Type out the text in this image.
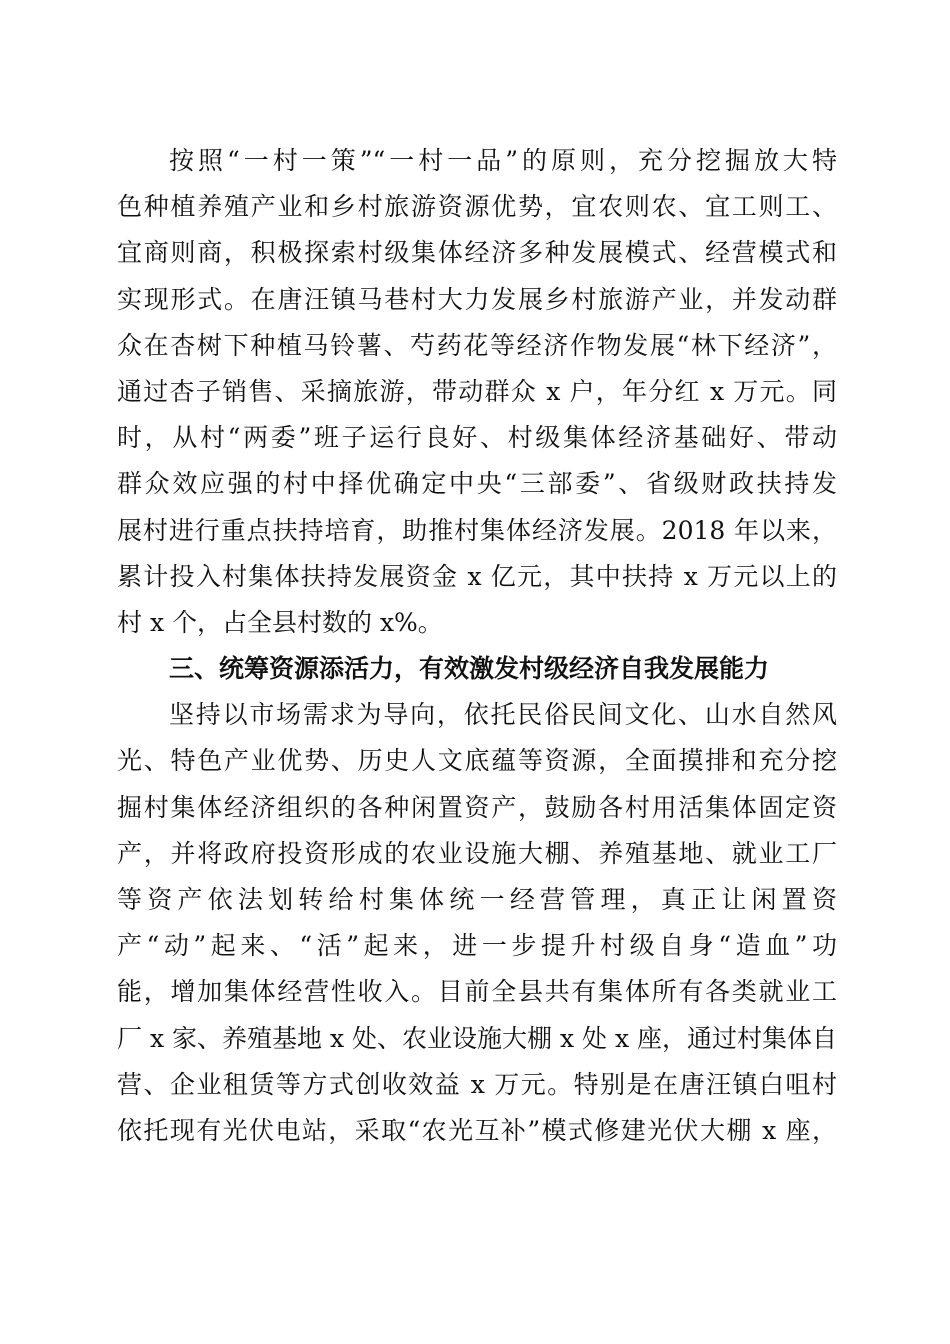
按照“一村一策”“一村一品”的原则，充分挖掘放大特
色种植养殖产业和乡村旅游资源优势，宜农则农、宜工则工、
宜商则商，积极探索村级集体经济多种发展模式、经营模式和
实现形式。在唐汪镇马巷村大力发展乡村旅游产业，并发动群
众在杏树下种植马铃薯、芍药花等经济作物发展“林下经济”，
通过杏子销售、采摘旅游，带动群众 x 户，年分红 x 万元。同
时，从村“两委”班子运行良好、村级集体经济基础好、带动
群众效应强的村中择优确定中央“三部委”、省级财政扶持发
展村进行重点扶持培育，助推村集体经济发展。2018 年以来，
累计投入村集体扶持发展资金 x 亿元，其中扶持 x 万元以上的
村 x 个，占全县村数的 x%。
三、统筹资源添活力，有效激发村级经济自我发展能力
坚持以市场需求为导向，依托民俗民间文化、山水自然风
光、特色产业优势、历史人文底蕴等资源，全面摸排和充分挖
掘村集体经济组织的各种闲置资产，鼓励各村用活集体固定资
产，并将政府投资形成的农业设施大棚、养殖基地、就业工厂
等资产依法划转给村集体统一经营管理，真正让闲置资
产“动”起来、“活”起来，进一步提升村级自身“造血”功
能，增加集体经营性收入。目前全县共有集体所有各类就业工
厂 x 家、养殖基地 x 处、农业设施大棚 x 处 x 座，通过村集体自
营、企业租赁等方式创收效益 x 万元。特别是在唐汪镇白咀村
依托现有光伏电站，采取“农光互补”模式修建光伏大棚 x 座，
